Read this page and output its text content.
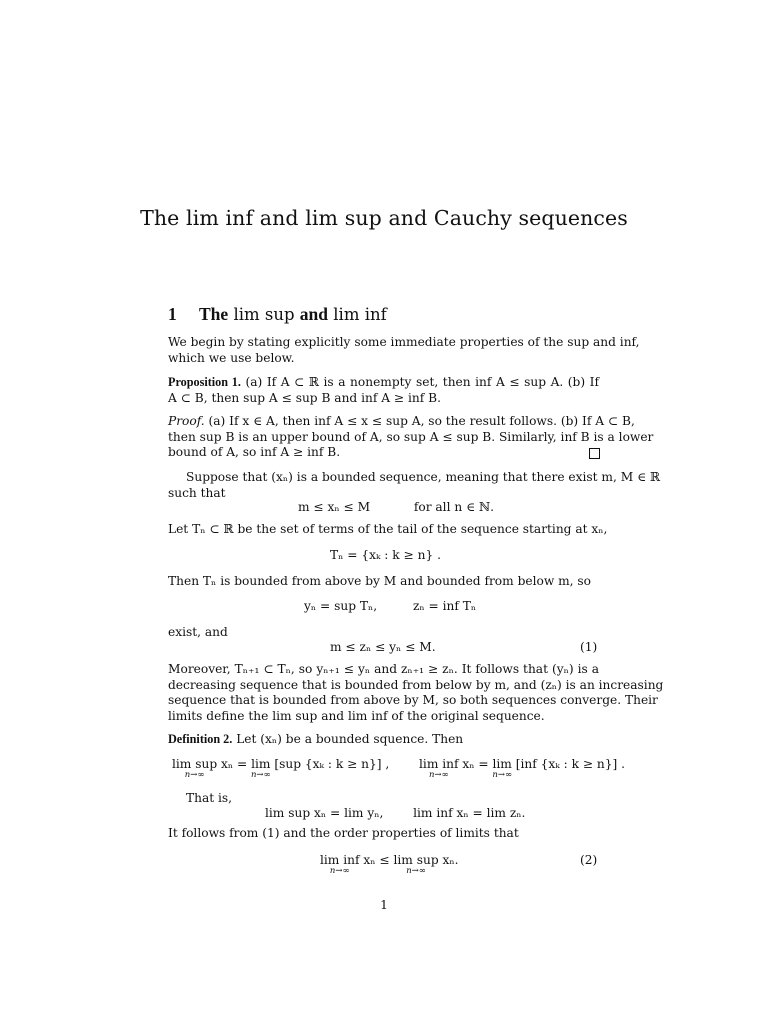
The lim inf and lim sup and Cauchy sequences
1 The lim sup and lim inf
We begin by stating explicitly some immediate properties of the sup and inf,
which we use below.
Proposition 1. (a) If A ⊂ ℝ is a nonempty set, then inf A ≤ sup A. (b) If
A ⊂ B, then sup A ≤ sup B and inf A ≥ inf B.
Proof. (a) If x ∈ A, then inf A ≤ x ≤ sup A, so the result follows. (b) If A ⊂ B,
then sup B is an upper bound of A, so sup A ≤ sup B. Similarly, inf B is a lower
bound of A, so inf A ≥ inf B.
Suppose that (xₙ) is a bounded sequence, meaning that there exist m, M ∈ ℝ
such that
m ≤ xₙ ≤ M	for all n ∈ ℕ.
Let Tₙ ⊂ ℝ be the set of terms of the tail of the sequence starting at xₙ,
Tₙ = {xₖ : k ≥ n} .
Then Tₙ is bounded from above by M and bounded from below m, so
yₙ = sup Tₙ,	zₙ = inf Tₙ
exist, and
m ≤ zₙ ≤ yₙ ≤ M.	(1)
Moreover, Tₙ₊₁ ⊂ Tₙ, so yₙ₊₁ ≤ yₙ and zₙ₊₁ ≥ zₙ. It follows that (yₙ) is a
decreasing sequence that is bounded from below by m, and (zₙ) is an increasing
sequence that is bounded from above by M, so both sequences converge. Their
limits define the lim sup and lim inf of the original sequence.
Definition 2. Let (xₙ) be a bounded squence. Then
lim sup
n→∞
xₙ = lim
n→∞
[sup {xₖ : k ≥ n}] , lim inf
n→∞
xₙ = lim
n→∞
[inf {xₖ : k ≥ n}] .
That is,
lim sup xₙ = lim yₙ, lim inf xₙ = lim zₙ.
It follows from (1) and the order properties of limits that
lim inf
n→∞
xₙ ≤ lim sup
n→∞
xₙ.	(2)
1
